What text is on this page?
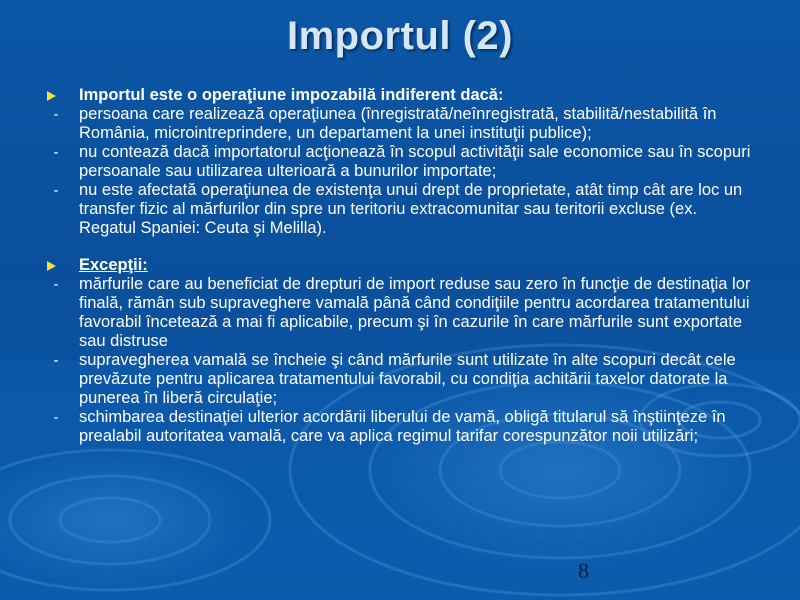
Importul (2)
Importul este o operaţiune impozabilă indiferent dacă:
-	persoana care realizează operaţiunea (înregistrată/neînregistrată, stabilită/nestabilită în România, microintreprindere, un departament la unei instituţii publice);
-	nu contează dacă importatorul acţionează în scopul activităţii sale economice sau în scopuri persoanale sau utilizarea ulterioară a bunurilor importate;
-	nu este afectată operaţiunea de existenţa unui drept de proprietate, atât timp cât are loc un transfer fizic al mărfurilor din spre un teritoriu extracomunitar sau teritorii excluse (ex. Regatul Spaniei: Ceuta şi Melilla).
Excepţii:
-	mărfurile care au beneficiat de drepturi de import reduse sau zero în funcţie de destinaţia lor finală, rămân sub supraveghere vamală până când condiţiile pentru acordarea tratamentului favorabil încetează a mai fi aplicabile, precum şi în cazurile în care mărfurile sunt exportate sau distruse
-	supravegherea vamală se încheie şi când mărfurile sunt utilizate în alte scopuri decât cele prevăzute pentru aplicarea tratamentului favorabil, cu condiţia achitării taxelor datorate la punerea în liberă circulaţie;
-	schimbarea destinaţiei ulterior acordării liberului de vamă, obligă titularul să înştiinţeze în prealabil autoritatea vamală, care va aplica regimul tarifar corespunzător noii utilizări;
8
